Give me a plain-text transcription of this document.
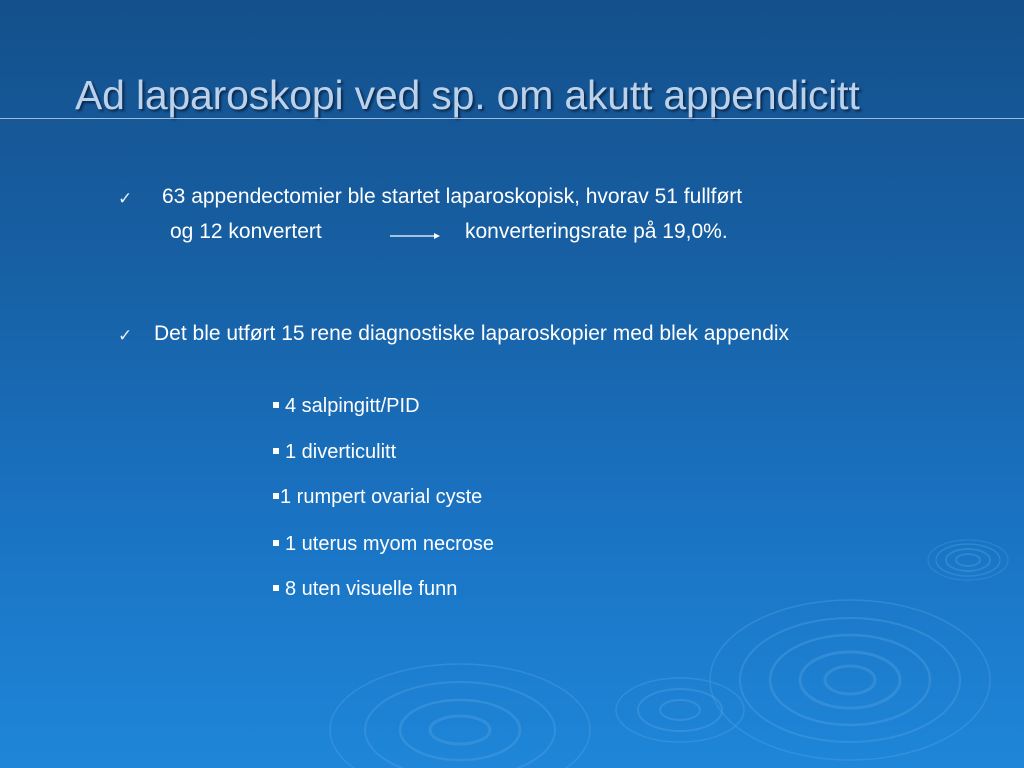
Ad laparoskopi ved sp. om akutt appendicitt
✓ 63 appendectomier ble startet laparoskopisk, hvorav 51 fullført
og 12 konvertert	konverteringsrate på 19,0%.
✓ Det ble utført 15 rene diagnostiske laparoskopier med blek appendix
4 salpingitt/PID
1 diverticulitt
1 rumpert ovarial cyste
1 uterus myom necrose
8 uten visuelle funn
